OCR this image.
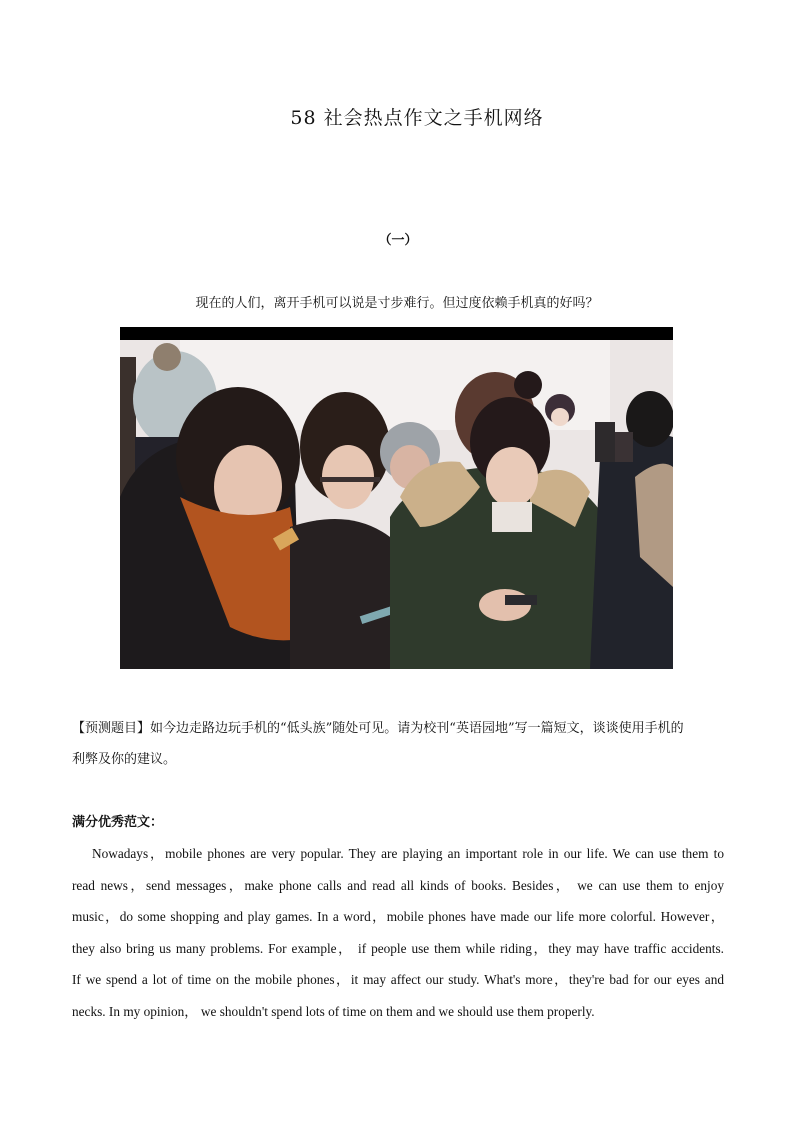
58 社会热点作文之手机网络
（一）
现在的人们，离开手机可以说是寸步难行。但过度依赖手机真的好吗？
【预测题目】如今边走路边玩手机的“低头族”随处可见。请为校刊“英语园地”写一篇短文，谈谈使用手机的
利弊及你的建议。
满分优秀范文：
Nowadays，mobile phones are very popular. They are playing an important role in our life. We can use them to
read news，send messages，make phone calls and read all kinds of books. Besides， we can use them to enjoy
music，do some shopping and play games. In a word，mobile phones have made our life more colorful. However，
they also bring us many problems. For example， if people use them while riding，they may have traffic accidents.
If we spend a lot of time on the mobile phones，it may affect our study. What's more，they're bad for our eyes and
necks. In my opinion， we shouldn't spend lots of time on them and we should use them properly.
